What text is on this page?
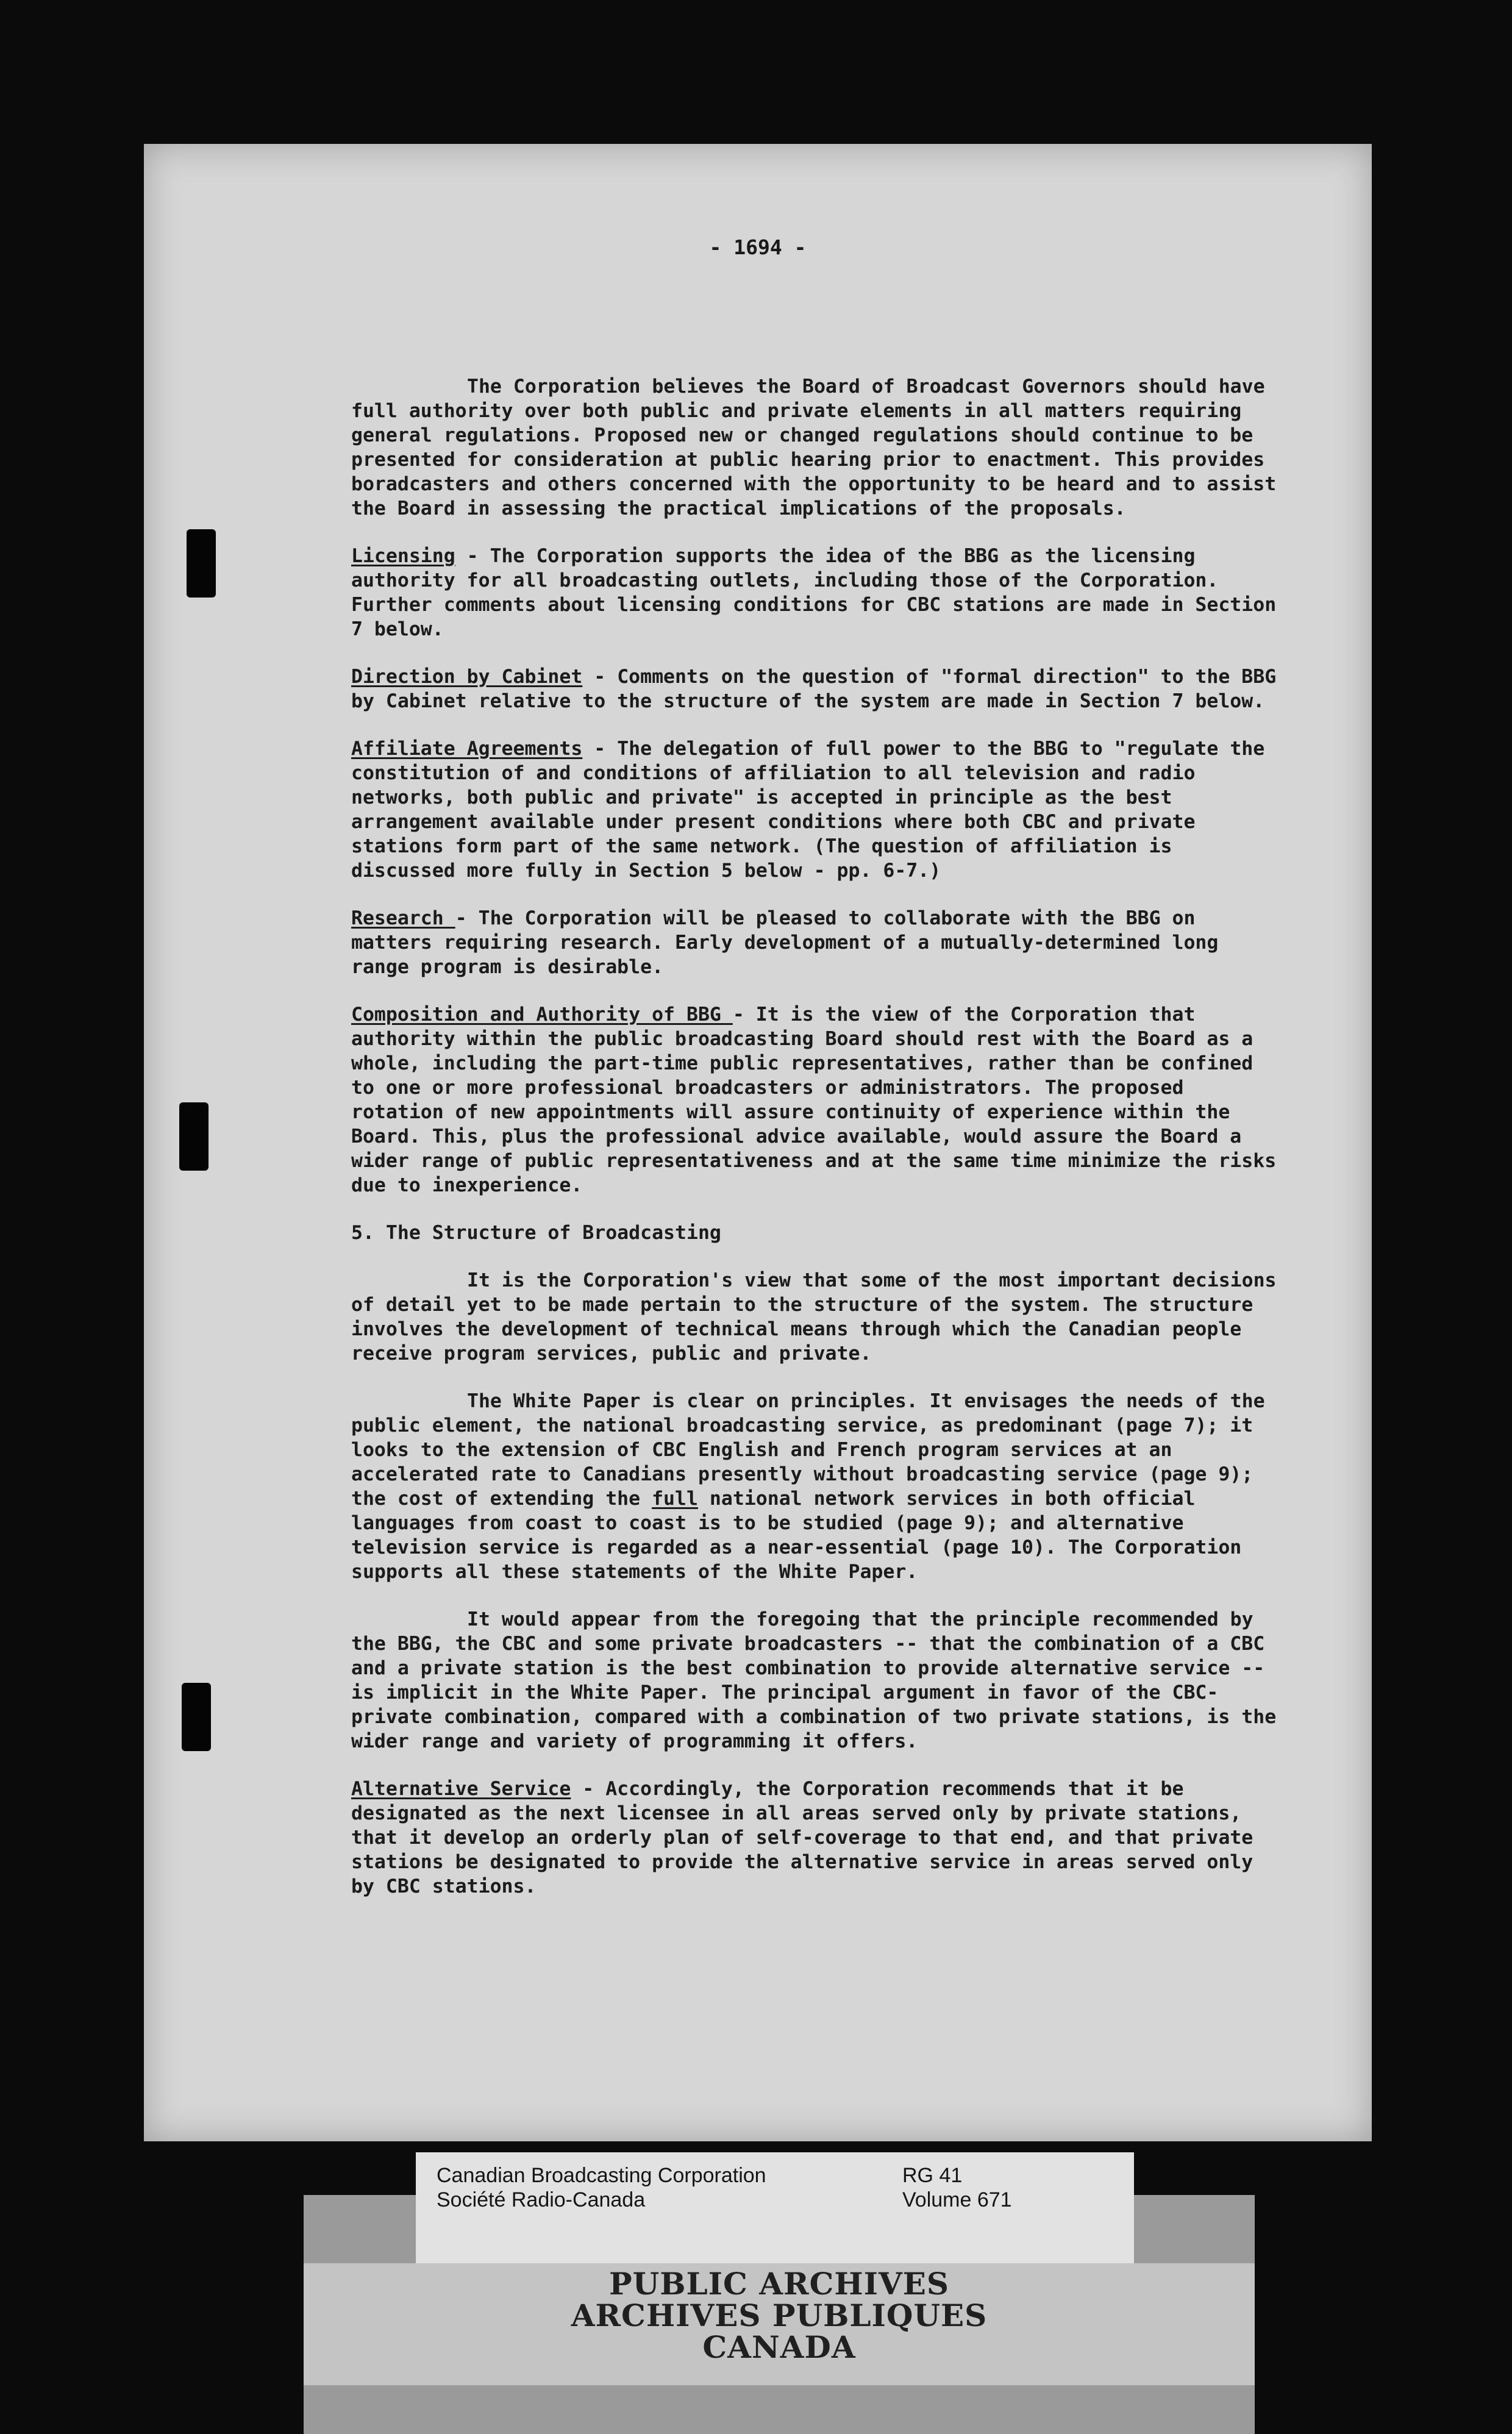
- 1694 -

The Corporation believes the Board of Broadcast Governors should have full authority over both public and private elements in all matters requiring general regulations. Proposed new or changed regulations should continue to be presented for consideration at public hearing prior to enactment. This provides boradcasters and others concerned with the opportunity to be heard and to assist the Board in assessing the practical implications of the proposals.

Licensing - The Corporation supports the idea of the BBG as the licensing authority for all broadcasting outlets, including those of the Corporation. Further comments about licensing conditions for CBC stations are made in Section 7 below.

Direction by Cabinet - Comments on the question of "formal direction" to the BBG by Cabinet relative to the structure of the system are made in Section 7 below.

Affiliate Agreements - The delegation of full power to the BBG to "regulate the constitution of and conditions of affiliation to all television and radio networks, both public and private" is accepted in principle as the best arrangement available under present conditions where both CBC and private stations form part of the same network. (The question of affiliation is discussed more fully in Section 5 below - pp. 6-7.)

Research - The Corporation will be pleased to collaborate with the BBG on matters requiring research. Early development of a mutually-determined long range program is desirable.

Composition and Authority of BBG - It is the view of the Corporation that authority within the public broadcasting Board should rest with the Board as a whole, including the part-time public representatives, rather than be confined to one or more professional broadcasters or administrators. The proposed rotation of new appointments will assure continuity of experience within the Board. This, plus the professional advice available, would assure the Board a wider range of public representativeness and at the same time minimize the risks due to inexperience.

5. The Structure of Broadcasting

It is the Corporation's view that some of the most important decisions of detail yet to be made pertain to the structure of the system. The structure involves the development of technical means through which the Canadian people receive program services, public and private.

The White Paper is clear on principles. It envisages the needs of the public element, the national broadcasting service, as predominant (page 7); it looks to the extension of CBC English and French program services at an accelerated rate to Canadians presently without broadcasting service (page 9); the cost of extending the full national network services in both official languages from coast to coast is to be studied (page 9); and alternative television service is regarded as a near-essential (page 10). The Corporation supports all these statements of the White Paper.

It would appear from the foregoing that the principle recommended by the BBG, the CBC and some private broadcasters -- that the combination of a CBC and a private station is the best combination to provide alternative service -- is implicit in the White Paper. The principal argument in favor of the CBC-private combination, compared with a combination of two private stations, is the wider range and variety of programming it offers.

Alternative Service - Accordingly, the Corporation recommends that it be designated as the next licensee in all areas served only by private stations, that it develop an orderly plan of self-coverage to that end, and that private stations be designated to provide the alternative service in areas served only by CBC stations.

PUBLIC ARCHIVES
ARCHIVES PUBLIQUES
CANADA
Canadian Broadcasting Corporation
Société Radio-Canada
RG 41
Volume 671
